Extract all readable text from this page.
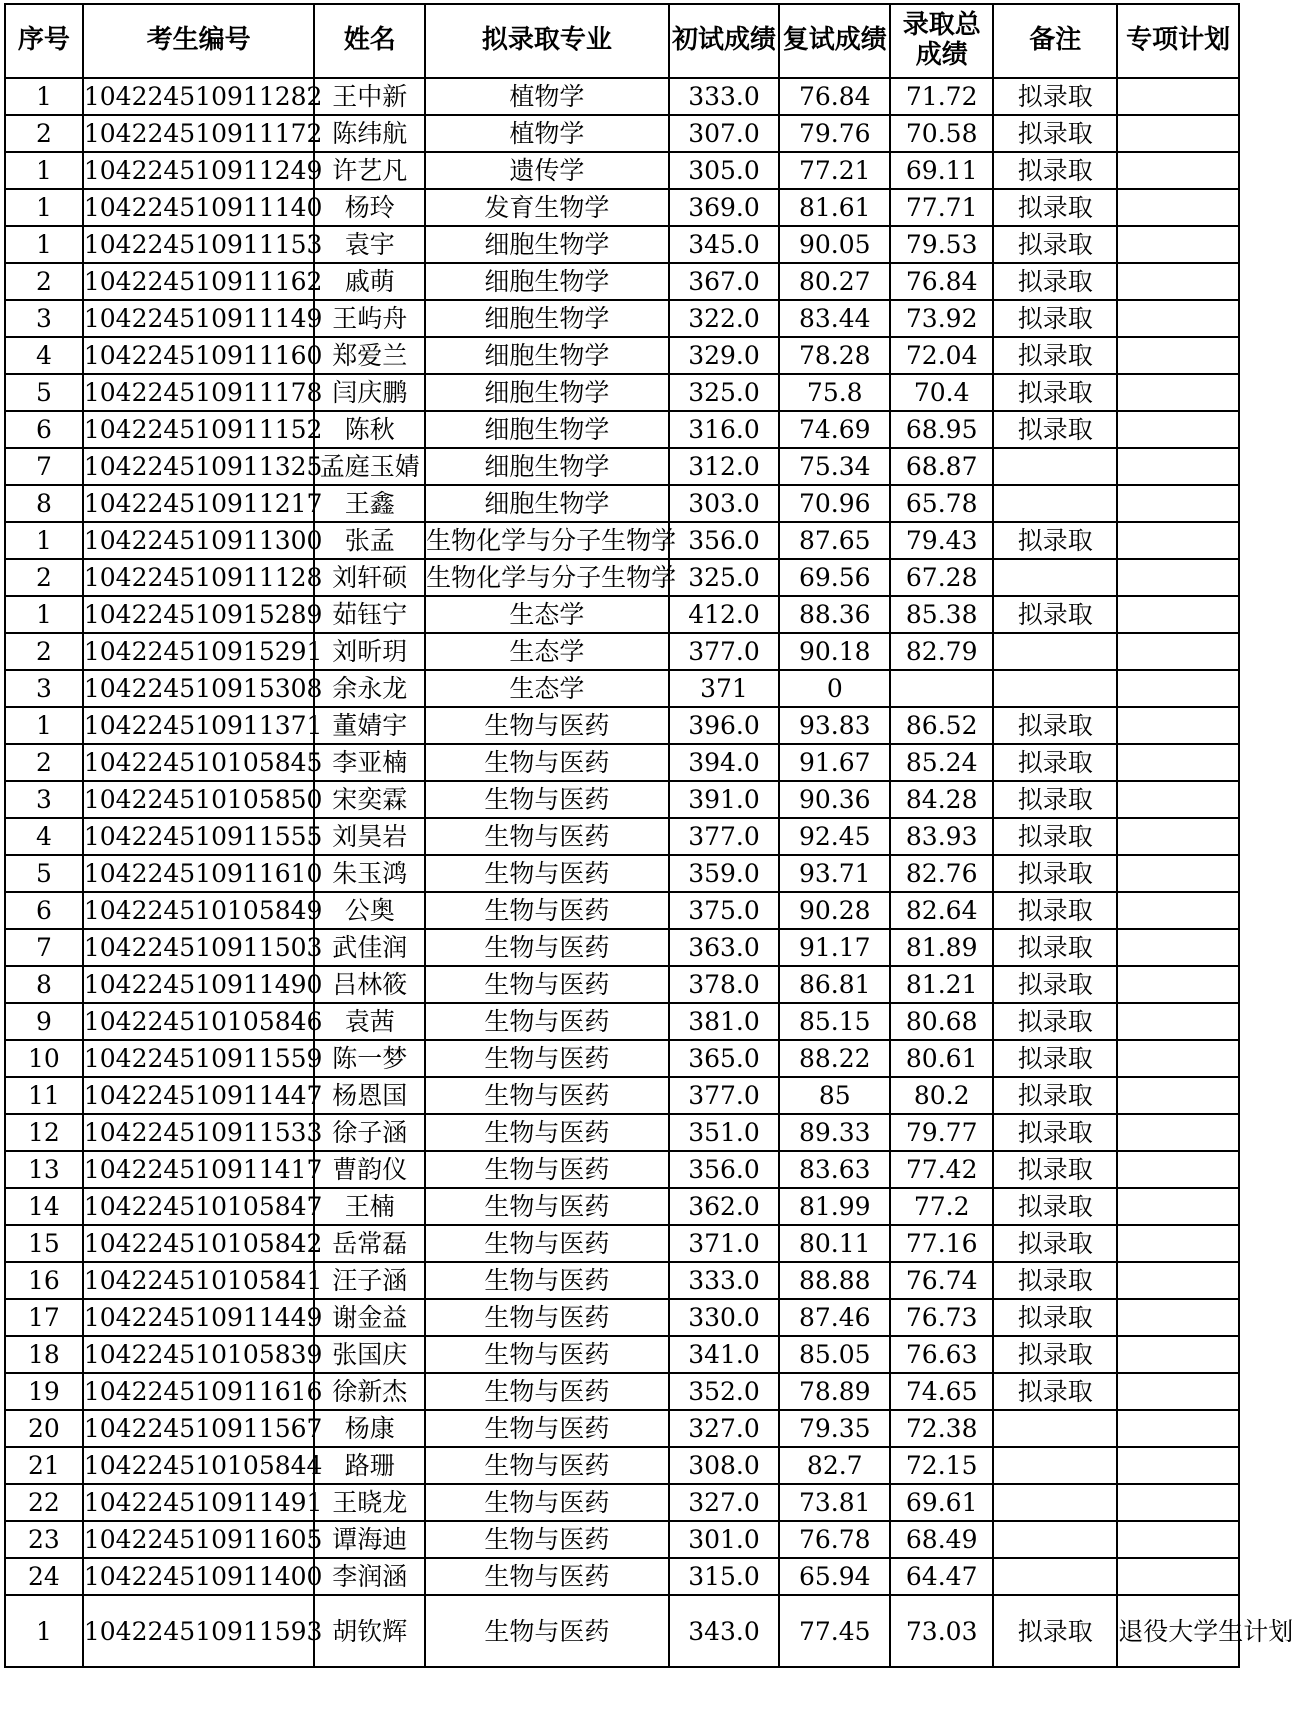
序号	考生编号	姓名	拟录取专业	初试成绩	复试成绩	录取总成绩	备注	专项计划
1	104224510911282	王中新	植物学	333.0	76.84	71.72	拟录取	
2	104224510911172	陈纬航	植物学	307.0	79.76	70.58	拟录取	
1	104224510911249	许艺凡	遗传学	305.0	77.21	69.11	拟录取	
1	104224510911140	杨玲	发育生物学	369.0	81.61	77.71	拟录取	
1	104224510911153	袁宇	细胞生物学	345.0	90.05	79.53	拟录取	
2	104224510911162	戚萌	细胞生物学	367.0	80.27	76.84	拟录取	
3	104224510911149	王屿舟	细胞生物学	322.0	83.44	73.92	拟录取	
4	104224510911160	郑爱兰	细胞生物学	329.0	78.28	72.04	拟录取	
5	104224510911178	闫庆鹏	细胞生物学	325.0	75.8	70.4	拟录取	
6	104224510911152	陈秋	细胞生物学	316.0	74.69	68.95	拟录取	
7	104224510911325	孟庭玉婧	细胞生物学	312.0	75.34	68.87		
8	104224510911217	王鑫	细胞生物学	303.0	70.96	65.78		
1	104224510911300	张孟	生物化学与分子生物学	356.0	87.65	79.43	拟录取	
2	104224510911128	刘轩硕	生物化学与分子生物学	325.0	69.56	67.28		
1	104224510915289	茹钰宁	生态学	412.0	88.36	85.38	拟录取	
2	104224510915291	刘昕玥	生态学	377.0	90.18	82.79		
3	104224510915308	余永龙	生态学	371	0			
1	104224510911371	董婧宇	生物与医药	396.0	93.83	86.52	拟录取	
2	104224510105845	李亚楠	生物与医药	394.0	91.67	85.24	拟录取	
3	104224510105850	宋奕霖	生物与医药	391.0	90.36	84.28	拟录取	
4	104224510911555	刘昊岩	生物与医药	377.0	92.45	83.93	拟录取	
5	104224510911610	朱玉鸿	生物与医药	359.0	93.71	82.76	拟录取	
6	104224510105849	公奥	生物与医药	375.0	90.28	82.64	拟录取	
7	104224510911503	武佳润	生物与医药	363.0	91.17	81.89	拟录取	
8	104224510911490	吕林筱	生物与医药	378.0	86.81	81.21	拟录取	
9	104224510105846	袁茜	生物与医药	381.0	85.15	80.68	拟录取	
10	104224510911559	陈一梦	生物与医药	365.0	88.22	80.61	拟录取	
11	104224510911447	杨恩国	生物与医药	377.0	85	80.2	拟录取	
12	104224510911533	徐子涵	生物与医药	351.0	89.33	79.77	拟录取	
13	104224510911417	曹韵仪	生物与医药	356.0	83.63	77.42	拟录取	
14	104224510105847	王楠	生物与医药	362.0	81.99	77.2	拟录取	
15	104224510105842	岳常磊	生物与医药	371.0	80.11	77.16	拟录取	
16	104224510105841	汪子涵	生物与医药	333.0	88.88	76.74	拟录取	
17	104224510911449	谢金益	生物与医药	330.0	87.46	76.73	拟录取	
18	104224510105839	张国庆	生物与医药	341.0	85.05	76.63	拟录取	
19	104224510911616	徐新杰	生物与医药	352.0	78.89	74.65	拟录取	
20	104224510911567	杨康	生物与医药	327.0	79.35	72.38		
21	104224510105844	路珊	生物与医药	308.0	82.7	72.15		
22	104224510911491	王晓龙	生物与医药	327.0	73.81	69.61		
23	104224510911605	谭海迪	生物与医药	301.0	76.78	68.49		
24	104224510911400	李润涵	生物与医药	315.0	65.94	64.47		
1	104224510911593	胡钦辉	生物与医药	343.0	77.45	73.03	拟录取	退役大学生计划
